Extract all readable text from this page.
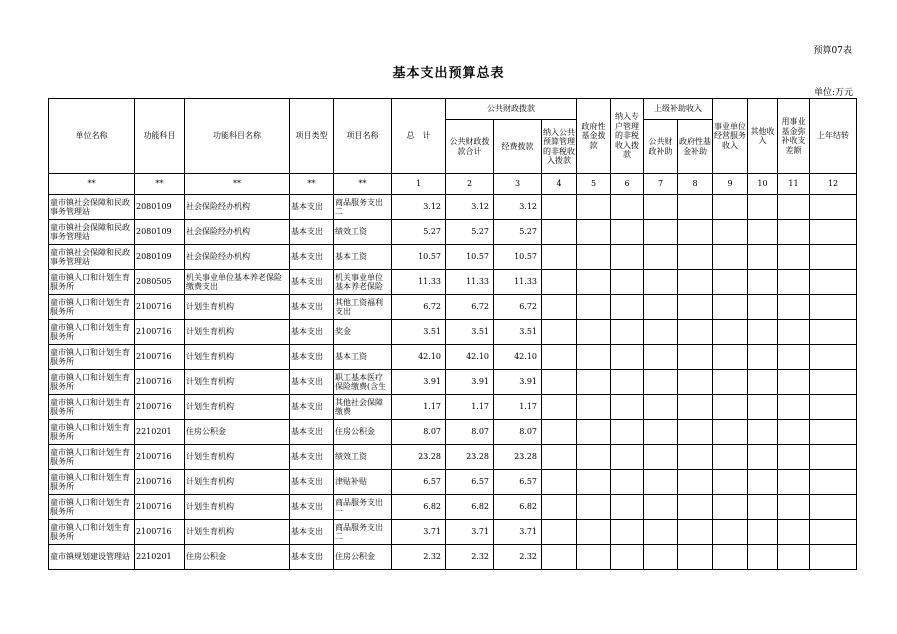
预算07表
基本支出预算总表
单位:万元
单位名称	功能科目	功能科目名称	项目类型	项目名称	总　计	公共财政拨款			政府性基金拨款	纳入专户管理的非税收入拨款	上级补助收入		事业单位经营服务收入	其他收入	用事业基金弥补收支差额	上年结转
						公共财政拨款合计	经费拨款	纳入公共预算管理的非税收入拨款			公共财政补助	政府性基金补助				
**	**	**	**	**	1	2	3	4	5	6	7	8	9	10	11	12

童市镇社会保障和民政事务管理站	2080109	社会保险经办机构	基本支出	商品服务支出二	3.12	3.12	3.12									

童市镇社会保障和民政事务管理站	2080109	社会保险经办机构	基本支出	绩效工资	5.27	5.27	5.27									

童市镇社会保障和民政事务管理站	2080109	社会保险经办机构	基本支出	基本工资	10.57	10.57	10.57									

童市镇人口和计划生育服务所	2080505	机关事业单位基本养老保险缴费支出	基本支出	机关事业单位基本养老保险	11.33	11.33	11.33									

童市镇人口和计划生育服务所	2100716	计划生育机构	基本支出	其他工资福利支出	6.72	6.72	6.72									

童市镇人口和计划生育服务所	2100716	计划生育机构	基本支出	奖金	3.51	3.51	3.51									

童市镇人口和计划生育服务所	2100716	计划生育机构	基本支出	基本工资	42.10	42.10	42.10									

童市镇人口和计划生育服务所	2100716	计划生育机构	基本支出	职工基本医疗保险缴费(含生	3.91	3.91	3.91									

童市镇人口和计划生育服务所	2100716	计划生育机构	基本支出	其他社会保障缴费	1.17	1.17	1.17									

童市镇人口和计划生育服务所	2210201	住房公积金	基本支出	住房公积金	8.07	8.07	8.07									

童市镇人口和计划生育服务所	2100716	计划生育机构	基本支出	绩效工资	23.28	23.28	23.28									

童市镇人口和计划生育服务所	2100716	计划生育机构	基本支出	津贴补贴	6.57	6.57	6.57									

童市镇人口和计划生育服务所	2100716	计划生育机构	基本支出	商品服务支出一	6.82	6.82	6.82									

童市镇人口和计划生育服务所	2100716	计划生育机构	基本支出	商品服务支出二	3.71	3.71	3.71									

童市镇规划建设管理站	2210201	住房公积金	基本支出	住房公积金	2.32	2.32	2.32									
